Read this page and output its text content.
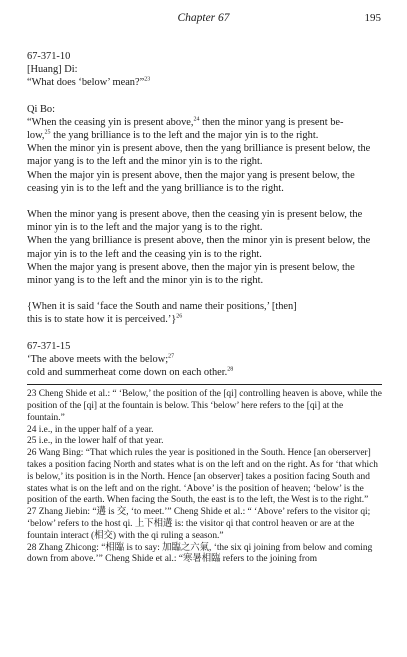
Chapter 67	195

67-371-10

[Huang] Di:

“What does ‘below’ mean?”$^{23}$

Qi Bo:

“When the ceasing yin is present above,$^{24}$ then the minor yang is present be-
low,$^{25}$ the yang brilliance is to the left and the major yin is to the right.

When the minor yin is present above, then the yang brilliance is present below, the major yang is to the left and the minor yin is to the right.

When the major yin is present above, then the major yang is present below, the ceasing yin is to the left and the yang brilliance is to the right.

When the minor yang is present above, then the ceasing yin is present below, the minor yin is to the left and the major yang is to the right.

When the yang brilliance is present above, then the minor yin is present below, the major yin is to the left and the ceasing yin is to the right.

When the major yang is present above, then the major yin is present below, the minor yang is to the left and the minor yin is to the right.

{When it is said ‘face the South and name their positions,’ [then]
this is to state how it is perceived.’}$^{26}$

67-371-15

‘The above meets with the below;$^{27}$

cold and summerheat come down on each other.$^{28}$

23 Cheng Shide et al.: “ ‘Below,’ the position of the [qi] controlling heaven is above, while the position of the [qi] at the fountain is below. This ‘below’ here refers to the [qi] at the fountain.”

24 i.e., in the upper half of a year.

25 i.e., in the lower half of that year.

26 Wang Bing: “That which rules the year is positioned in the South. Hence [an oberserver] takes a position facing North and states what is on the left and on the right. As for ‘that which is below,’ its position is in the North. Hence [an observer] takes a position facing South and states what is on the left and on the right. ‘Above’ is the position of heaven; ‘below’ is the position of the earth. When facing the South, the east is to the left, the West is to the right.”

27 Zhang Jiebin: “遘 is 交, ‘to meet.’” Cheng Shide et al.: “ ‘Above’ refers to the visitor qi; ‘below’ refers to the host qi. 上下相遘 is: the visitor qi that control heaven or are at the fountain interact (相交) with the qi ruling a season.”

28 Zhang Zhicong: “相臨 is to say: 加臨之六氣, ‘the six qi joining from below and coming down from above.’” Cheng Shide et al.: “寒暑相臨 refers to the joining from
